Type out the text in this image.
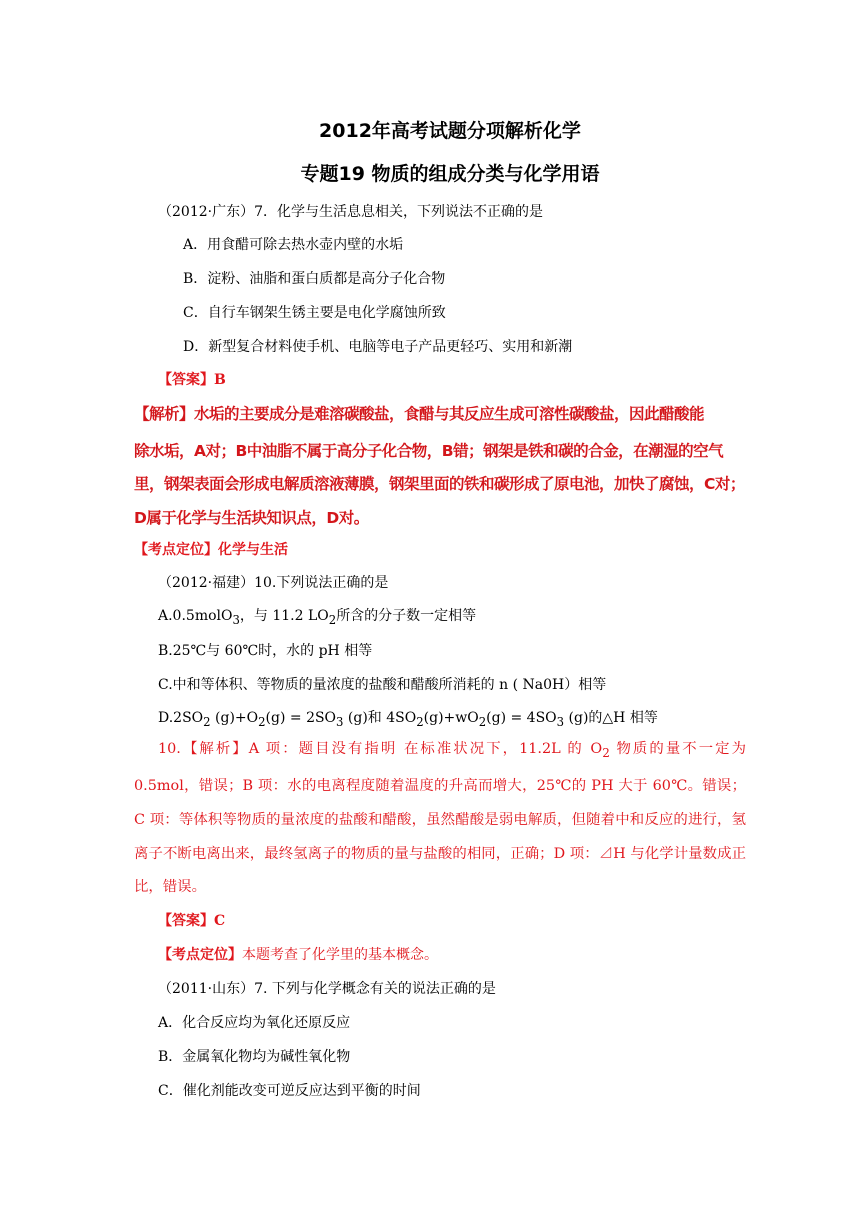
2012年高考试题分项解析化学
专题19 物质的组成分类与化学用语
（2012·广东）7．化学与生活息息相关，下列说法不正确的是
A．用食醋可除去热水壶内壁的水垢
B．淀粉、油脂和蛋白质都是高分子化合物
C．自行车钢架生锈主要是电化学腐蚀所致
D．新型复合材料使手机、电脑等电子产品更轻巧、实用和新潮
【答案】B
【解析】水垢的主要成分是难溶碳酸盐，食醋与其反应生成可溶性碳酸盐，因此醋酸能
除水垢，A对；B中油脂不属于高分子化合物，B错；钢架是铁和碳的合金，在潮湿的空气
里，钢架表面会形成电解质溶液薄膜，钢架里面的铁和碳形成了原电池，加快了腐蚀，C对；
D属于化学与生活块知识点，D对。
【考点定位】化学与生活
（2012·福建）10.下列说法正确的是
A.0.5molO$_3$，与 11.2 $LO_2$所含的分子数一定相等
B.25℃与 60℃时，水的 pH 相等
C.中和等体积、等物质的量浓度的盐酸和醋酸所消耗的 n ( Na0H）相等
$D.2SO_2$ $(g)+O_2(g) = 2SO_3$ (g)和 $4SO_2(g)+wO_2(g) = 4SO_3$ (g)的△H 相等
10.【解析】A 项：题目没有指明 在标准状况下，11.2L 的 $O_2$ 物质的量不一定为 0.5mol，错误；B 项：水的电离程度随着温度的升高而增大，25℃的 PH 大于 60℃。错误；C 项：等体积等物质的量浓度的盐酸和醋酸，虽然醋酸是弱电解质，但随着中和反应的进行，氢离子不断电离出来，最终氢离子的物质的量与盐酸的相同，正确；D 项：⊿H 与化学计量数成正比，错误。
【答案】C
【考点定位】本题考查了化学里的基本概念。
（2011·山东）7. 下列与化学概念有关的说法正确的是
A．化合反应均为氧化还原反应
B．金属氧化物均为碱性氧化物
C．催化剂能改变可逆反应达到平衡的时间
